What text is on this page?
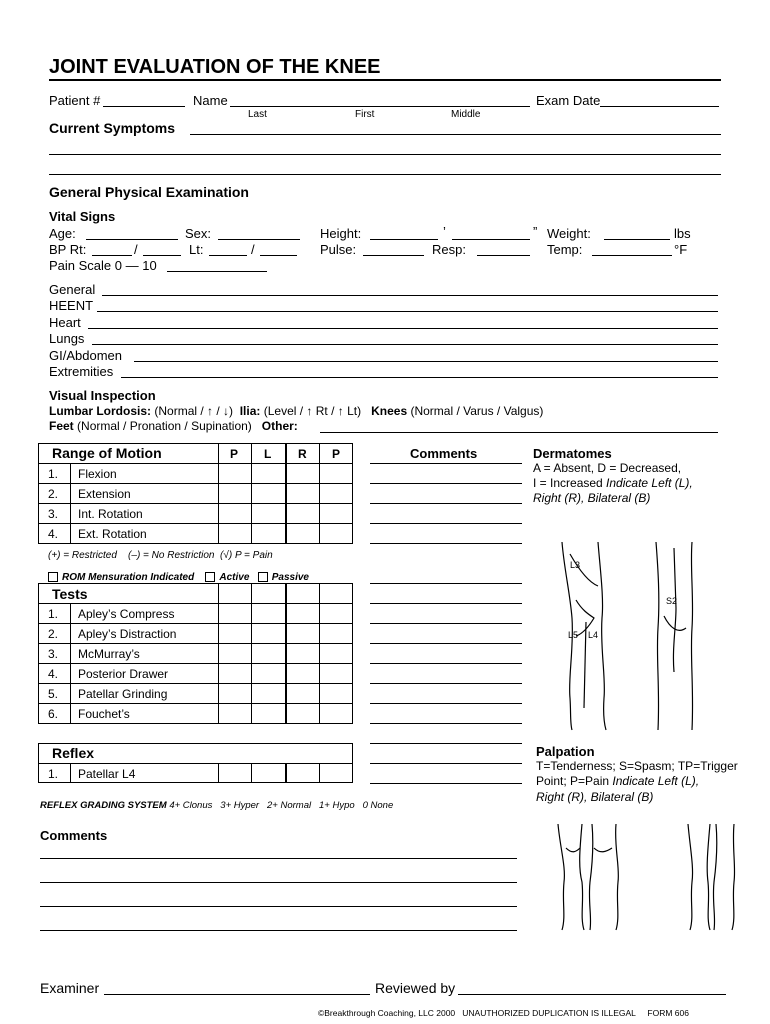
JOINT EVALUATION OF THE KNEE
Patient #	Name	Exam Date
Last	First	Middle
Current Symptoms
General Physical Examination
Vital Signs
Age:	Sex:	Height:	’	” Weight:	lbs
BP Rt:	/	Lt:	/	Pulse:	Resp:	Temp:	°F
Pain Scale 0 — 10
General
HEENT
Heart
Lungs
GI/Abdomen
Extremities
Visual Inspection
Lumbar Lordosis: (Normal / ↑ / ↓) Ilia: (Level / ↑ Rt / ↑ Lt) Knees (Normal / Varus / Valgus)
Feet (Normal / Pronation / Supination) Other:
Range of Motion	P L R P
1. Flexion
2. Extension
3. Int. Rotation
4. Ext. Rotation
(+) = Restricted (–) = No Restriction (√) P = Pain
ROM Mensuration Indicated	Active Passive
Tests
1. Apley’s Compress
2. Apley’s Distraction
3. McMurray’s
4. Posterior Drawer
5. Patellar Grinding
6. Fouchet’s
Reflex
1. Patellar L4
REFLEX GRADING SYSTEM 4+ Clonus   3+ Hyper   2+ Normal   1+ Hypo   0 None
Comments	Dermatomes
A = Absent, D = Decreased,
I = Increased Indicate Left (L),
Right (R), Bilateral (B)
L3
L5 L4
S2
Palpation
T=Tenderness; S=Spasm; TP=Trigger
Point; P=Pain Indicate Left (L),
Right (R), Bilateral (B)
Comments
Examiner	Reviewed by
©Breakthrough Coaching, LLC 2000   UNAUTHORIZED DUPLICATION IS ILLEGAL     FORM 606
